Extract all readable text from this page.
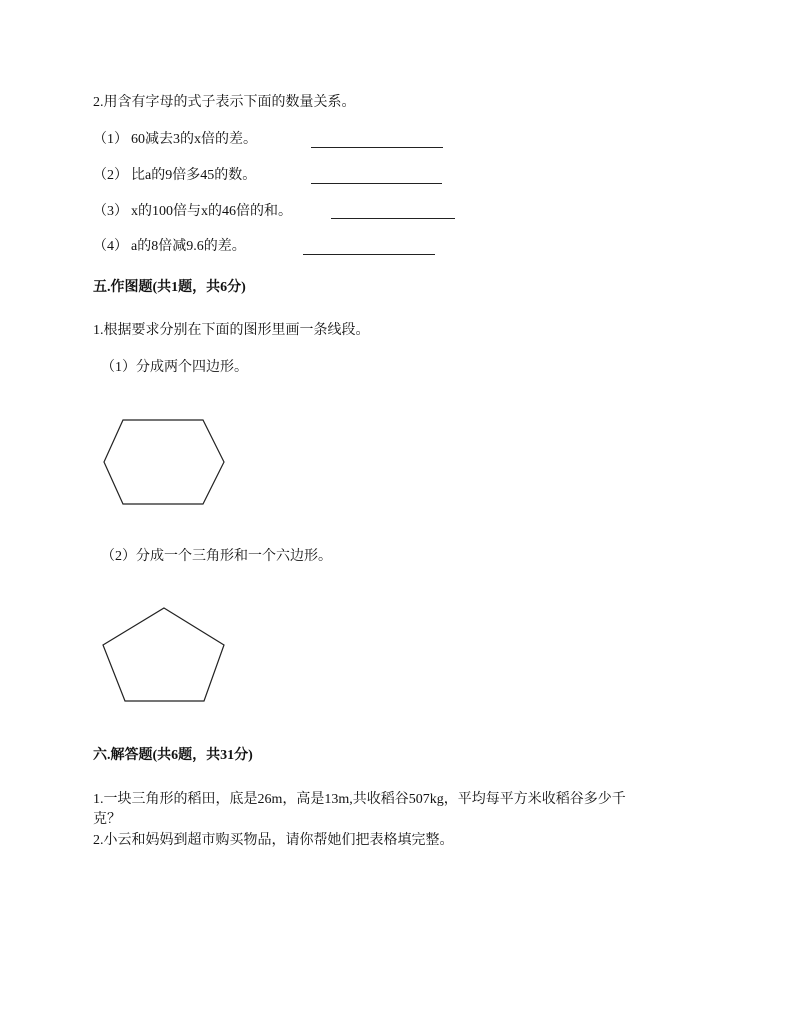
2.用含有字母的式子表示下面的数量关系。
（1） 60减去3的x倍的差。
（2） 比a的9倍多45的数。
（3） x的100倍与x的46倍的和。
（4） a的8倍减9.6的差。
五.作图题(共1题，共6分)
1.根据要求分别在下面的图形里画一条线段。
（1）分成两个四边形。
（2）分成一个三角形和一个六边形。
六.解答题(共6题，共31分)
1.一块三角形的稻田，底是26m，高是13m,共收稻谷507kg，平均每平方米收稻谷多少千
克？
2.小云和妈妈到超市购买物品，请你帮她们把表格填完整。
